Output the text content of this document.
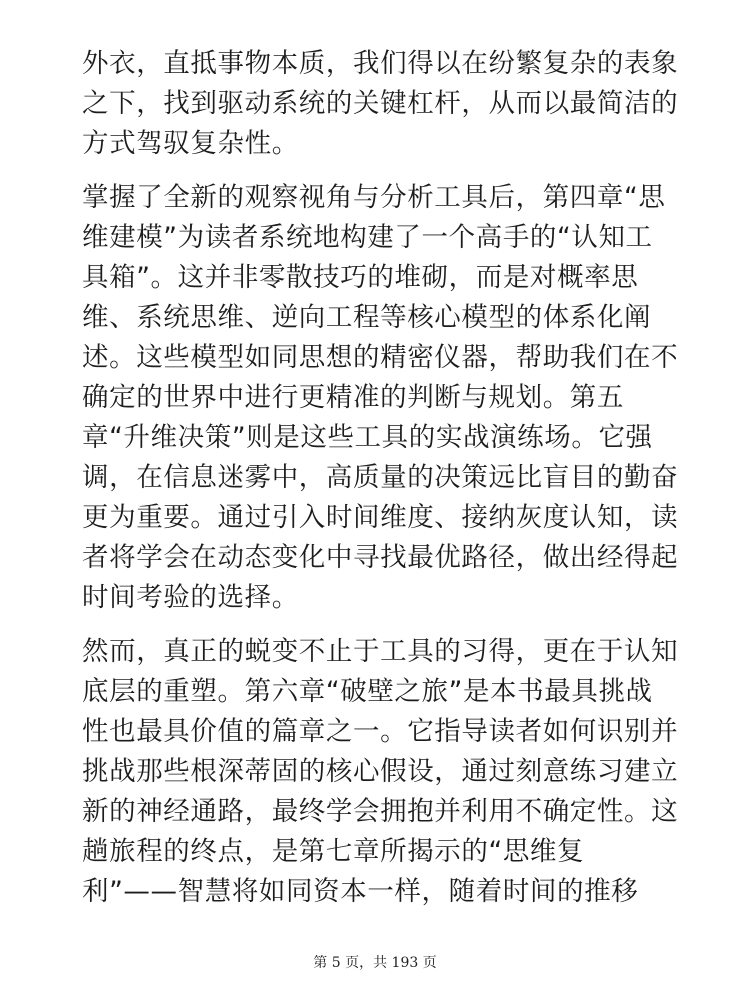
外衣，直抵事物本质，我们得以在纷繁复杂的表象
之下，找到驱动系统的关键杠杆，从而以最简洁的
方式驾驭复杂性。

掌握了全新的观察视角与分析工具后，第四章“思
维建模”为读者系统地构建了一个高手的“认知工
具箱”。这并非零散技巧的堆砌，而是对概率思
维、系统思维、逆向工程等核心模型的体系化阐
述。这些模型如同思想的精密仪器，帮助我们在不
确定的世界中进行更精准的判断与规划。第五
章“升维决策”则是这些工具的实战演练场。它强
调，在信息迷雾中，高质量的决策远比盲目的勤奋
更为重要。通过引入时间维度、接纳灰度认知，读
者将学会在动态变化中寻找最优路径，做出经得起
时间考验的选择。

然而，真正的蜕变不止于工具的习得，更在于认知
底层的重塑。第六章“破壁之旅”是本书最具挑战
性也最具价值的篇章之一。它指导读者如何识别并
挑战那些根深蒂固的核心假设，通过刻意练习建立
新的神经通路，最终学会拥抱并利用不确定性。这
趟旅程的终点，是第七章所揭示的“思维复
利”——智慧将如同资本一样，随着时间的推移

第 5 页，共 193 页
